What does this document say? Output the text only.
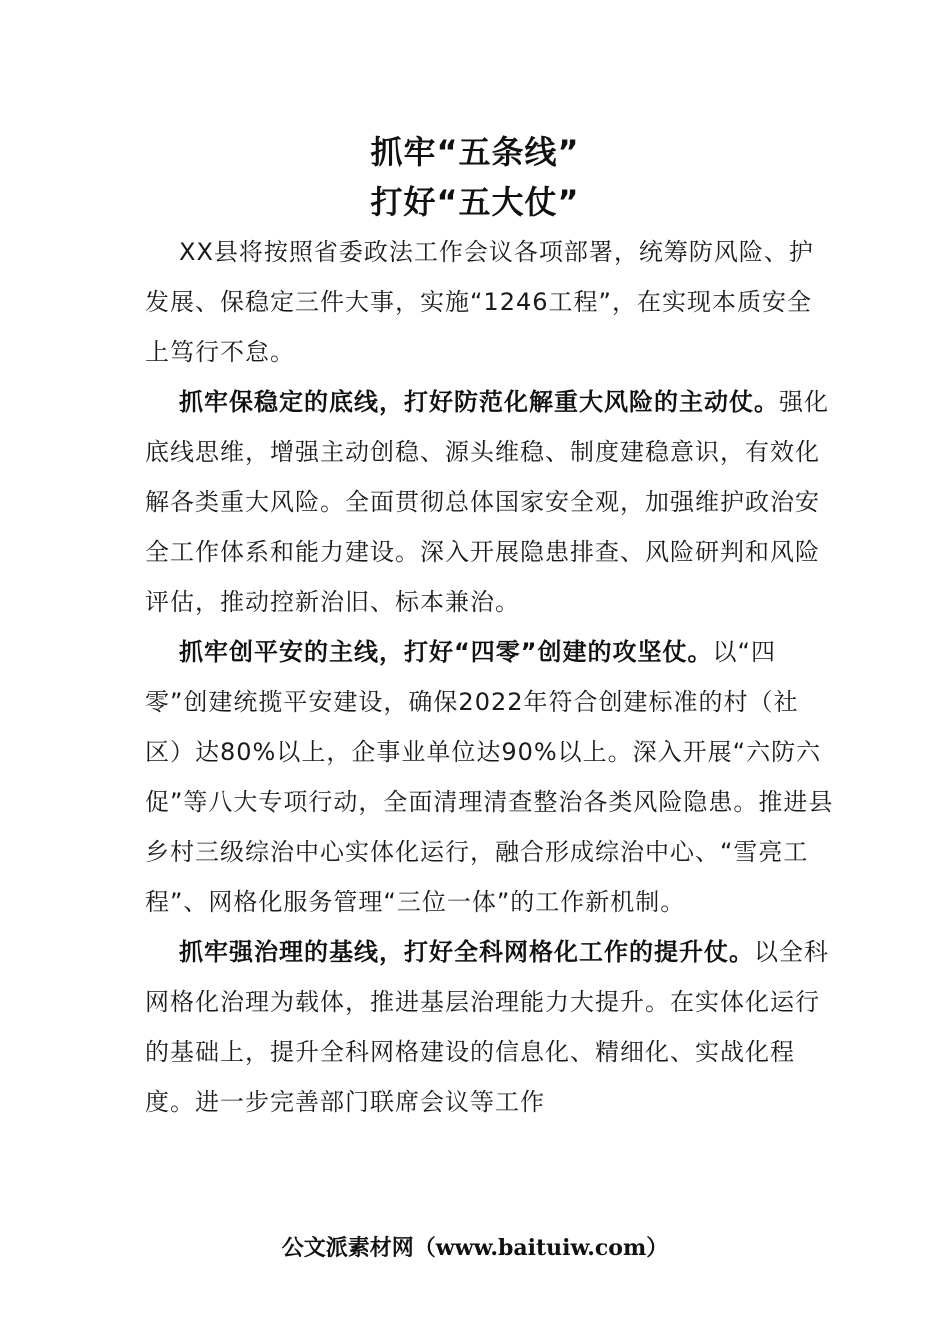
抓牢“五条线”
打好“五大仗”

XX县将按照省委政法工作会议各项部署，统筹防风险、护发展、保稳定三件大事，实施“1246工程”，在实现本质安全上笃行不怠。

抓牢保稳定的底线，打好防范化解重大风险的主动仗。强化底线思维，增强主动创稳、源头维稳、制度建稳意识，有效化解各类重大风险。全面贯彻总体国家安全观，加强维护政治安全工作体系和能力建设。深入开展隐患排查、风险研判和风险评估，推动控新治旧、标本兼治。

抓牢创平安的主线，打好“四零”创建的攻坚仗。以“四零”创建统揽平安建设，确保2022年符合创建标准的村（社区）达80%以上，企事业单位达90%以上。深入开展“六防六促”等八大专项行动，全面清理清查整治各类风险隐患。推进县乡村三级综治中心实体化运行，融合形成综治中心、“雪亮工程”、网格化服务管理“三位一体”的工作新机制。

抓牢强治理的基线，打好全科网格化工作的提升仗。以全科网格化治理为载体，推进基层治理能力大提升。在实体化运行的基础上，提升全科网格建设的信息化、精细化、实战化程度。进一步完善部门联席会议等工作

公文派素材网（www.baituiw.com）
